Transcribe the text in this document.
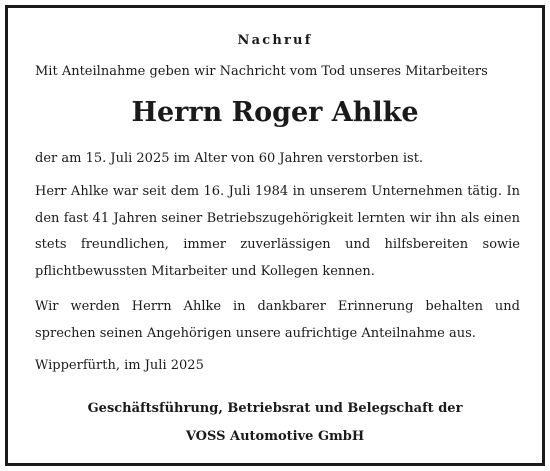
Nachruf
Mit Anteilnahme geben wir Nachricht vom Tod unseres Mitarbeiters
Herrn Roger Ahlke
der am 15. Juli 2025 im Alter von 60 Jahren verstorben ist.
Herr Ahlke war seit dem 16. Juli 1984 in unserem Unternehmen tätig. In den fast 41 Jahren seiner Betriebszugehörigkeit lernten wir ihn als einen stets freundlichen, immer zuverlässigen und hilfsbereiten sowie pflichtbewussten Mitarbeiter und Kollegen kennen.
Wir werden Herrn Ahlke in dankbarer Erinnerung behalten und sprechen seinen Angehörigen unsere aufrichtige Anteilnahme aus.
Wipperfürth, im Juli 2025
Geschäftsführung, Betriebsrat und Belegschaft der
VOSS Automotive GmbH
